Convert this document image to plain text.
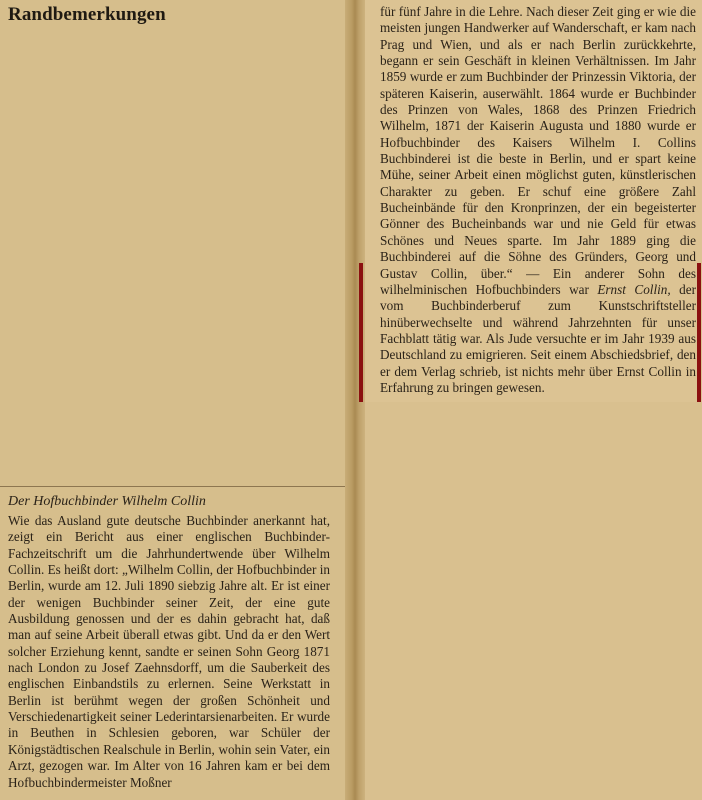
Randbemerkungen
Der Hofbuchbinder Wilhelm Collin

Wie das Ausland gute deutsche Buchbinder anerkannt hat, zeigt ein Bericht aus einer englischen Buchbinder-Fachzeitschrift um die Jahrhundertwende über Wilhelm Collin. Es heißt dort: „Wilhelm Collin, der Hofbuchbinder in Berlin, wurde am 12. Juli 1890 siebzig Jahre alt. Er ist einer der wenigen Buchbinder seiner Zeit, der eine gute Ausbildung genossen und der es dahin gebracht hat, daß man auf seine Arbeit überall etwas gibt. Und da er den Wert solcher Erziehung kennt, sandte er seinen Sohn Georg 1871 nach London zu Josef Zaehnsdorff, um die Sauberkeit des englischen Einbandstils zu erlernen. Seine Werkstatt in Berlin ist berühmt wegen der großen Schönheit und Verschiedenartigkeit seiner Lederintarsienarbeiten. Er wurde in Beuthen in Schlesien geboren, war Schüler der Königstädtischen Realschule in Berlin, wohin sein Vater, ein Arzt, gezogen war. Im Alter von 16 Jahren kam er bei dem Hofbuchbindermeister Moßner

für fünf Jahre in die Lehre. Nach dieser Zeit ging er wie die meisten jungen Handwerker auf Wanderschaft, er kam nach Prag und Wien, und als er nach Berlin zurückkehrte, begann er sein Geschäft in kleinen Verhältnissen. Im Jahr 1859 wurde er zum Buchbinder der Prinzessin Viktoria, der späteren Kaiserin, auserwählt. 1864 wurde er Buchbinder des Prinzen von Wales, 1868 des Prinzen Friedrich Wilhelm, 1871 der Kaiserin Augusta und 1880 wurde er Hofbuchbinder des Kaisers Wilhelm I. Collins Buchbinderei ist die beste in Berlin, und er spart keine Mühe, seiner Arbeit einen möglichst guten, künstlerischen Charakter zu geben. Er schuf eine größere Zahl Bucheinbände für den Kronprinzen, der ein begeisterter Gönner des Bucheinbands war und nie Geld für etwas Schönes und Neues sparte. Im Jahr 1889 ging die Buchbinderei auf die Söhne des Gründers, Georg und Gustav Collin, über.“ — Ein anderer Sohn des wilhelminischen Hofbuchbinders war Ernst Collin, der vom Buchbinderberuf zum Kunstschriftsteller hinüberwechselte und während Jahrzehnten für unser Fachblatt tätig war. Als Jude versuchte er im Jahr 1939 aus Deutschland zu emigrieren. Seit einem Abschiedsbrief, den er dem Verlag schrieb, ist nichts mehr über Ernst Collin in Erfahrung zu bringen gewesen.
